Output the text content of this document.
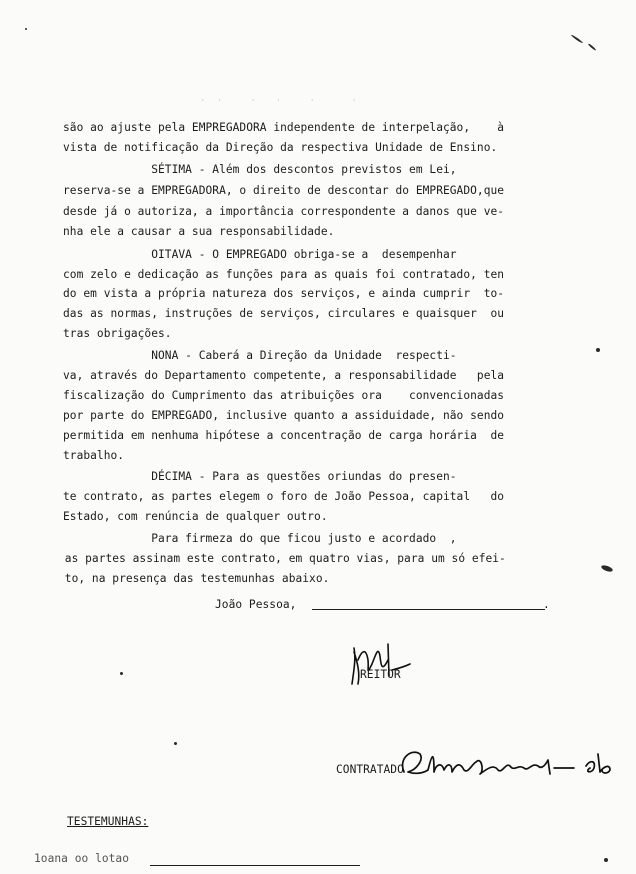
· ·   ·  ·   ·    ·
são ao ajuste pela EMPREGADORA independente de interpelação,    à
vista de notificação da Direção da respectiva Unidade de Ensino.
SÉTIMA - Além dos descontos previstos em Lei,
reserva-se a EMPREGADORA, o direito de descontar do EMPREGADO,que
desde já o autoriza, a importância correspondente a danos que ve-
nha ele a causar a sua responsabilidade.
OITAVA - O EMPREGADO obriga-se a  desempenhar
com zelo e dedicação as funções para as quais foi contratado, ten
do em vista a própria natureza dos serviços, e ainda cumprir  to-
das as normas, instruções de serviços, circulares e quaisquer  ou
tras obrigações.
NONA - Caberá a Direção da Unidade  respecti-
va, através do Departamento competente, a responsabilidade   pela
fiscalização do Cumprimento das atribuições ora    convencionadas
por parte do EMPREGADO, inclusive quanto a assiduidade, não sendo
permitida em nenhuma hipótese a concentração de carga horária  de
trabalho.
DÉCIMA - Para as questões oriundas do presen-
te contrato, as partes elegem o foro de João Pessoa, capital   do
Estado, com renúncia de qualquer outro.
Para firmeza do que ficou justo e acordado  ,
as partes assinam este contrato, em quatro vias, para um só efei-
to, na presença das testemunhas abaixo.
João Pessoa,	.
REITOR
CONTRATADO
TESTEMUNHAS:
1oana oo lotao
